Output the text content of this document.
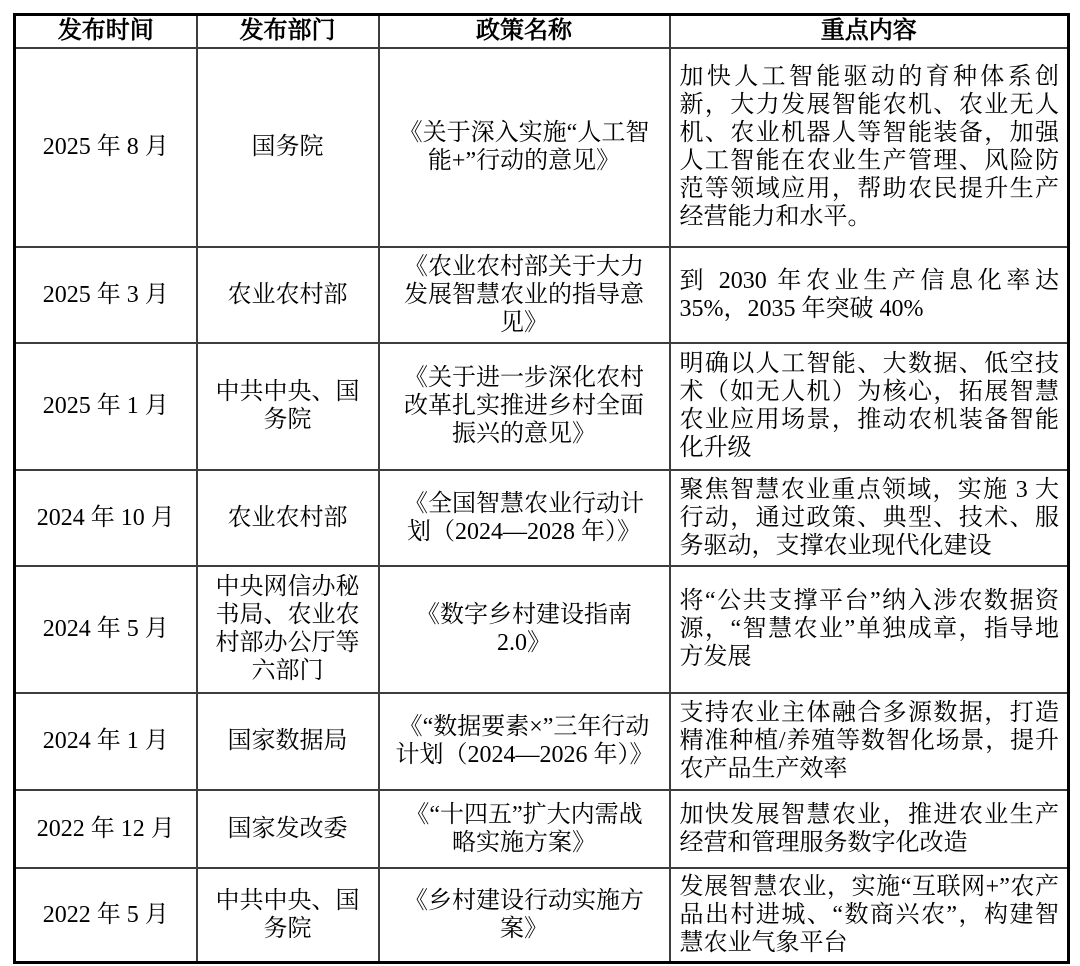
发布时间	发布部门	政策名称	重点内容
2025 年 8 月	国务院	《关于深入实施“人工智能+”行动的意见》	加快人工智能驱动的育种体系创新，大力发展智能农机、农业无人机、农业机器人等智能装备，加强人工智能在农业生产管理、风险防范等领域应用，帮助农民提升生产经营能力和水平。
2025 年 3 月	农业农村部	《农业农村部关于大力发展智慧农业的指导意见》	到 2030 年农业生产信息化率达 35%，2035 年突破 40%
2025 年 1 月	中共中央、国务院	《关于进一步深化农村改革扎实推进乡村全面振兴的意见》	明确以人工智能、大数据、低空技术（如无人机）为核心，拓展智慧农业应用场景，推动农机装备智能化升级
2024 年 10 月	农业农村部	《全国智慧农业行动计划（2024—2028 年）》	聚焦智慧农业重点领域，实施 3 大行动，通过政策、典型、技术、服务驱动，支撑农业现代化建设
2024 年 5 月	中央网信办秘书局、农业农村部办公厅等六部门	《数字乡村建设指南 2.0》	将“公共支撑平台”纳入涉农数据资源，“智慧农业”单独成章，指导地方发展
2024 年 1 月	国家数据局	《“数据要素×”三年行动计划（2024—2026 年）》	支持农业主体融合多源数据，打造精准种植/养殖等数智化场景，提升农产品生产效率
2022 年 12 月	国家发改委	《“十四五”扩大内需战略实施方案》	加快发展智慧农业，推进农业生产经营和管理服务数字化改造
2022 年 5 月	中共中央、国务院	《乡村建设行动实施方案》	发展智慧农业，实施“互联网+”农产品出村进城、“数商兴农”，构建智慧农业气象平台
